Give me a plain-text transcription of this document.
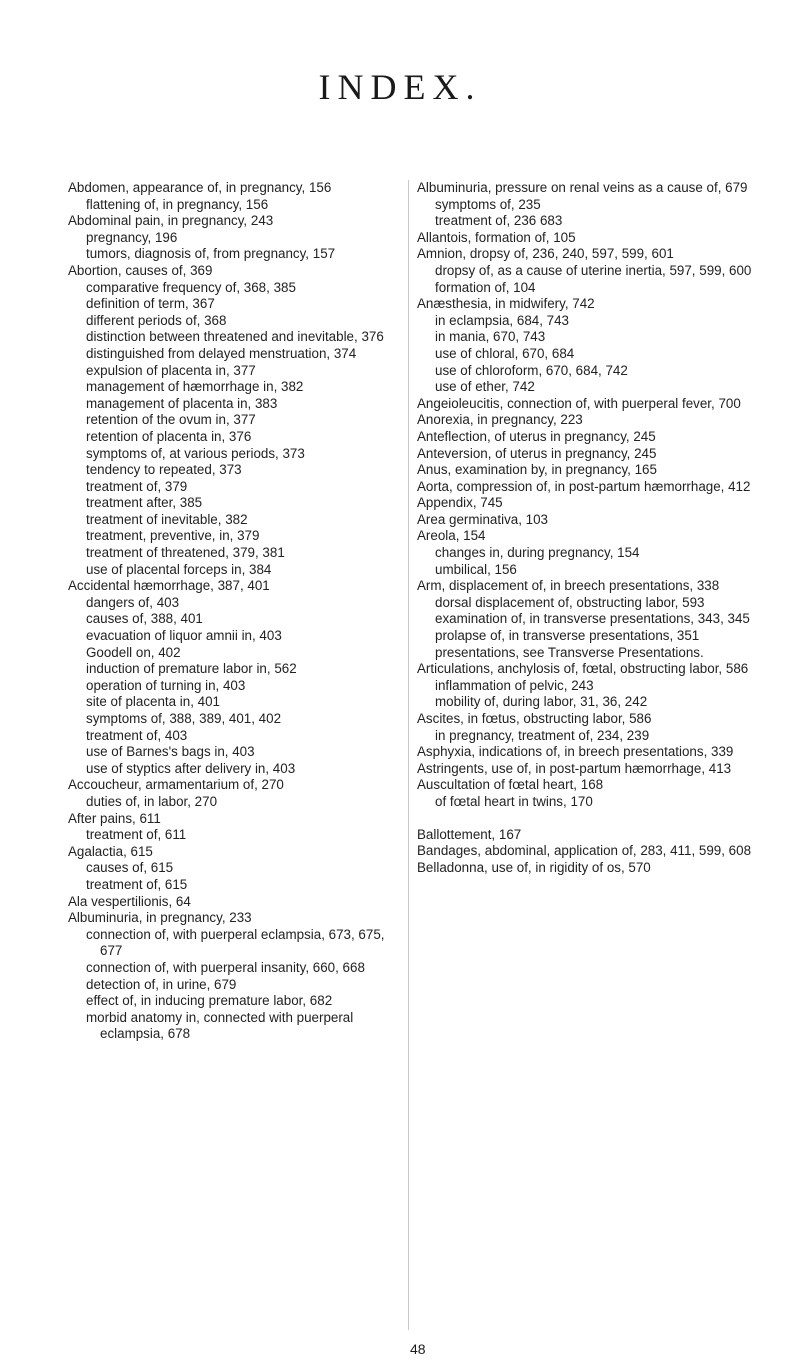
INDEX.
Abdomen, appearance of, in pregnancy, 156
flattening of, in pregnancy, 156
Abdominal pain, in pregnancy, 243
pregnancy, 196
tumors, diagnosis of, from pregnancy, 157
Abortion, causes of, 369
comparative frequency of, 368, 385
definition of term, 367
different periods of, 368
distinction between threatened and inevitable, 376
distinguished from delayed menstruation, 374
expulsion of placenta in, 377
management of hæmorrhage in, 382
management of placenta in, 383
retention of the ovum in, 377
retention of placenta in, 376
symptoms of, at various periods, 373
tendency to repeated, 373
treatment of, 379
treatment after, 385
treatment of inevitable, 382
treatment, preventive, in, 379
treatment of threatened, 379, 381
use of placental forceps in, 384
Accidental hæmorrhage, 387, 401
dangers of, 403
causes of, 388, 401
evacuation of liquor amnii in, 403
Goodell on, 402
induction of premature labor in, 562
operation of turning in, 403
site of placenta in, 401
symptoms of, 388, 389, 401, 402
treatment of, 403
use of Barnes's bags in, 403
use of styptics after delivery in, 403
Accoucheur, armamentarium of, 270
duties of, in labor, 270
After pains, 611
treatment of, 611
Agalactia, 615
causes of, 615
treatment of, 615
Ala vespertilionis, 64
Albuminuria, in pregnancy, 233
connection of, with puerperal eclampsia, 673, 675, 677
connection of, with puerperal insanity, 660, 668
detection of, in urine, 679
effect of, in inducing premature labor, 682
morbid anatomy in, connected with puerperal eclampsia, 678
Albuminuria, pressure on renal veins as a cause of, 679
symptoms of, 235
treatment of, 236 683
Allantois, formation of, 105
Amnion, dropsy of, 236, 240, 597, 599, 601
dropsy of, as a cause of uterine inertia, 597, 599, 600
formation of, 104
Anæsthesia, in midwifery, 742
in eclampsia, 684, 743
in mania, 670, 743
use of chloral, 670, 684
use of chloroform, 670, 684, 742
use of ether, 742
Angeioleucitis, connection of, with puerperal fever, 700
Anorexia, in pregnancy, 223
Anteflection, of uterus in pregnancy, 245
Anteversion, of uterus in pregnancy, 245
Anus, examination by, in pregnancy, 165
Aorta, compression of, in post-partum hæmorrhage, 412
Appendix, 745
Area germinativa, 103
Areola, 154
changes in, during pregnancy, 154
umbilical, 156
Arm, displacement of, in breech presentations, 338
dorsal displacement of, obstructing labor, 593
examination of, in transverse presentations, 343, 345
prolapse of, in transverse presentations, 351
presentations, see Transverse Presentations.
Articulations, anchylosis of, fœtal, obstructing labor, 586
inflammation of pelvic, 243
mobility of, during labor, 31, 36, 242
Ascites, in fœtus, obstructing labor, 586
in pregnancy, treatment of, 234, 239
Asphyxia, indications of, in breech presentations, 339
Astringents, use of, in post-partum hæmorrhage, 413
Auscultation of fœtal heart, 168
of fœtal heart in twins, 170
Ballottement, 167
Bandages, abdominal, application of, 283, 411, 599, 608
Belladonna, use of, in rigidity of os, 570
48
